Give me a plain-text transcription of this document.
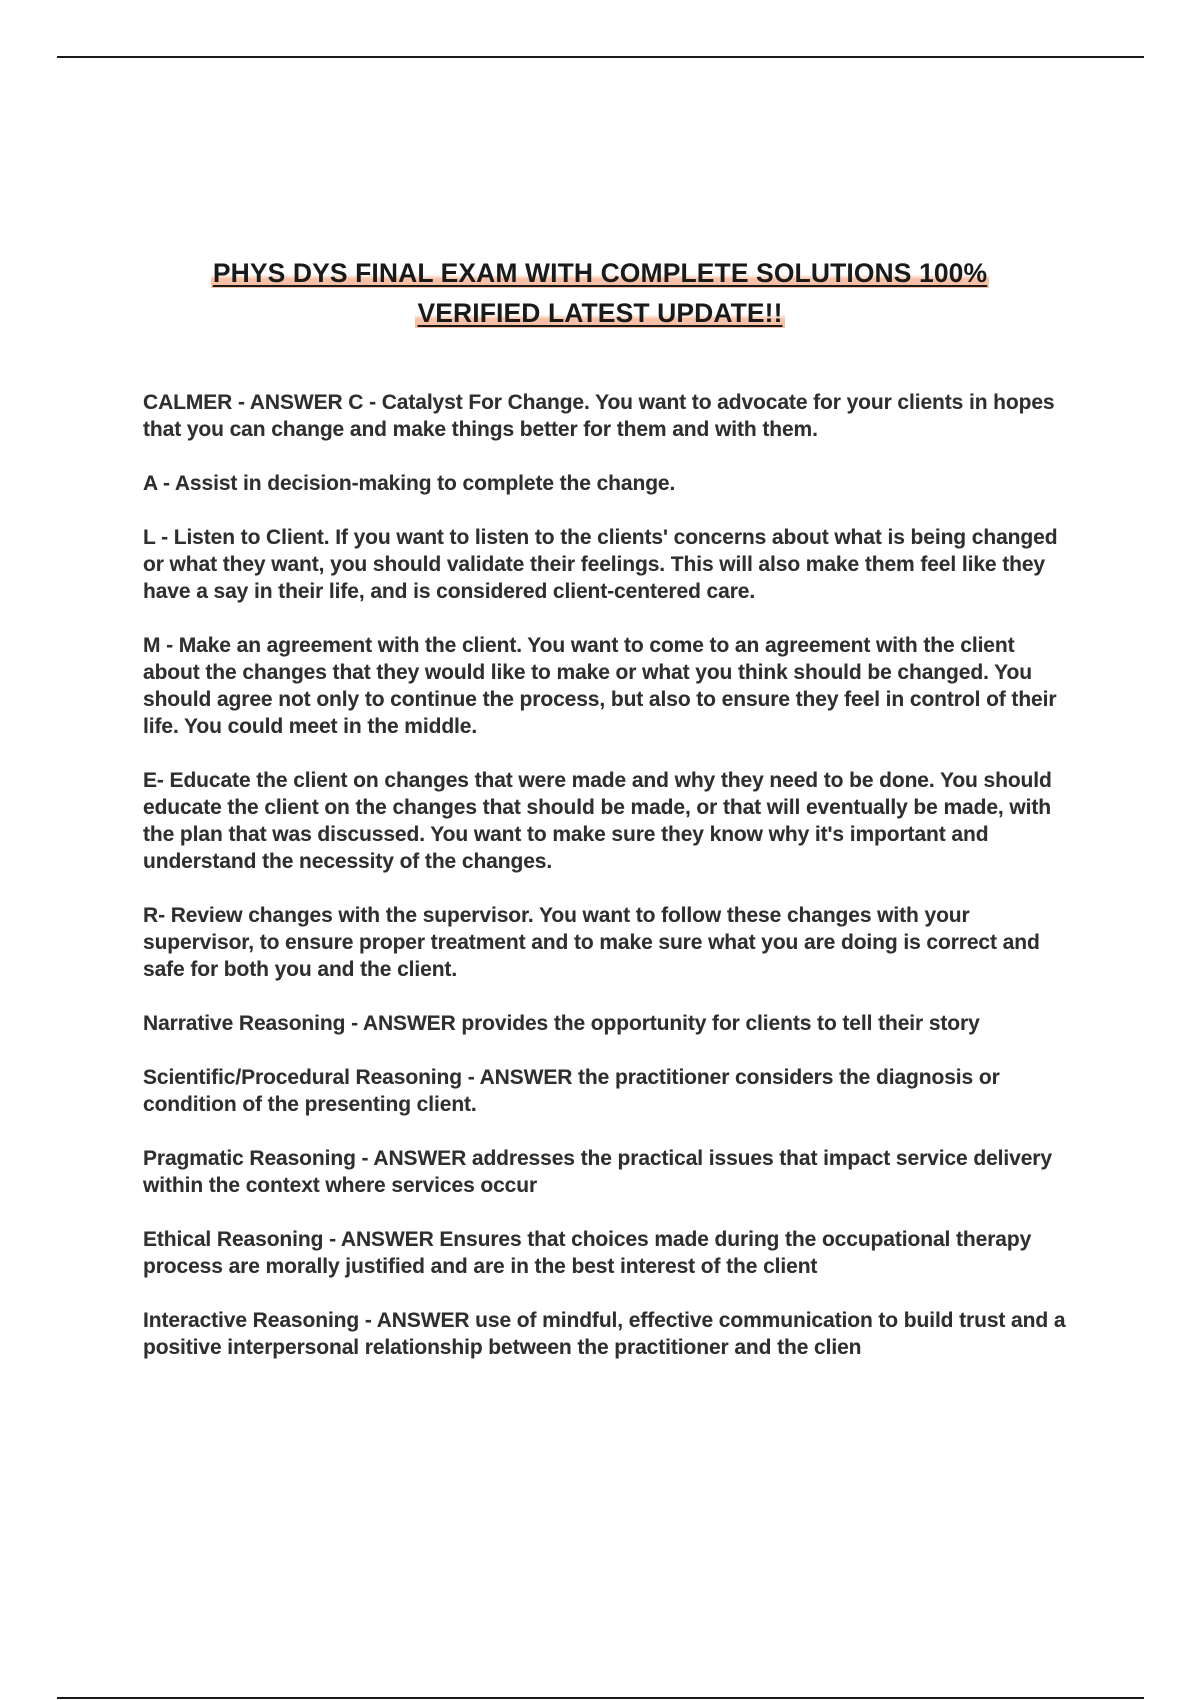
PHYS DYS FINAL EXAM WITH COMPLETE SOLUTIONS 100%
VERIFIED LATEST UPDATE!!

CALMER - ANSWER C - Catalyst For Change. You want to advocate for your clients in hopes that you can change and make things better for them and with them.

A - Assist in decision-making to complete the change.

L - Listen to Client. If you want to listen to the clients' concerns about what is being changed or what they want, you should validate their feelings. This will also make them feel like they have a say in their life, and is considered client-centered care.

M - Make an agreement with the client. You want to come to an agreement with the client about the changes that they would like to make or what you think should be changed. You should agree not only to continue the process, but also to ensure they feel in control of their life. You could meet in the middle.

E- Educate the client on changes that were made and why they need to be done. You should educate the client on the changes that should be made, or that will eventually be made, with the plan that was discussed. You want to make sure they know why it's important and understand the necessity of the changes.

R- Review changes with the supervisor. You want to follow these changes with your supervisor, to ensure proper treatment and to make sure what you are doing is correct and safe for both you and the client.

Narrative Reasoning - ANSWER provides the opportunity for clients to tell their story

Scientific/Procedural Reasoning - ANSWER the practitioner considers the diagnosis or condition of the presenting client.

Pragmatic Reasoning - ANSWER addresses the practical issues that impact service delivery within the context where services occur

Ethical Reasoning - ANSWER Ensures that choices made during the occupational therapy process are morally justified and are in the best interest of the client

Interactive Reasoning - ANSWER use of mindful, effective communication to build trust and a positive interpersonal relationship between the practitioner and the clien
